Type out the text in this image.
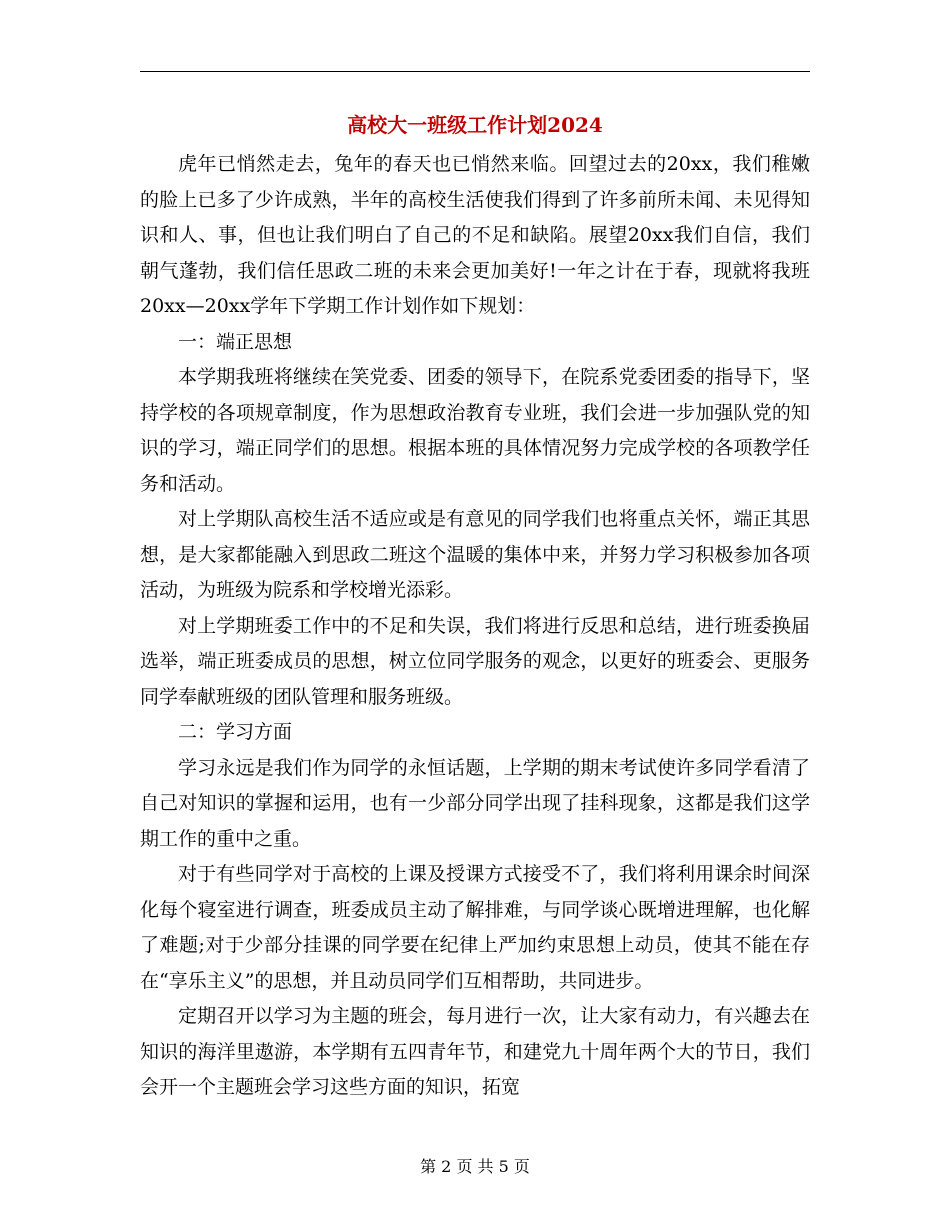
高校大一班级工作计划2024

虎年已悄然走去，兔年的春天也已悄然来临。回望过去的20xx，我们稚嫩的脸上已多了少许成熟，半年的高校生活使我们得到了许多前所未闻、未见得知识和人、事，但也让我们明白了自己的不足和缺陷。展望20xx我们自信，我们朝气蓬勃，我们信任思政二班的未来会更加美好!一年之计在于春，现就将我班20xx—20xx学年下学期工作计划作如下规划：

一：端正思想

本学期我班将继续在笑党委、团委的领导下，在院系党委团委的指导下，坚持学校的各项规章制度，作为思想政治教育专业班，我们会进一步加强队党的知识的学习，端正同学们的思想。根据本班的具体情况努力完成学校的各项教学任务和活动。

对上学期队高校生活不适应或是有意见的同学我们也将重点关怀，端正其思想，是大家都能融入到思政二班这个温暖的集体中来，并努力学习积极参加各项活动，为班级为院系和学校增光添彩。

对上学期班委工作中的不足和失误，我们将进行反思和总结，进行班委换届选举，端正班委成员的思想，树立位同学服务的观念，以更好的班委会、更服务同学奉献班级的团队管理和服务班级。

二：学习方面

学习永远是我们作为同学的永恒话题，上学期的期末考试使许多同学看清了自己对知识的掌握和运用，也有一少部分同学出现了挂科现象，这都是我们这学期工作的重中之重。

对于有些同学对于高校的上课及授课方式接受不了，我们将利用课余时间深化每个寝室进行调查，班委成员主动了解排难，与同学谈心既增进理解，也化解了难题;对于少部分挂课的同学要在纪律上严加约束思想上动员，使其不能在存在“享乐主义”的思想，并且动员同学们互相帮助，共同进步。

定期召开以学习为主题的班会，每月进行一次，让大家有动力，有兴趣去在知识的海洋里遨游，本学期有五四青年节，和建党九十周年两个大的节日，我们会开一个主题班会学习这些方面的知识，拓宽

第 2 页 共 5 页
